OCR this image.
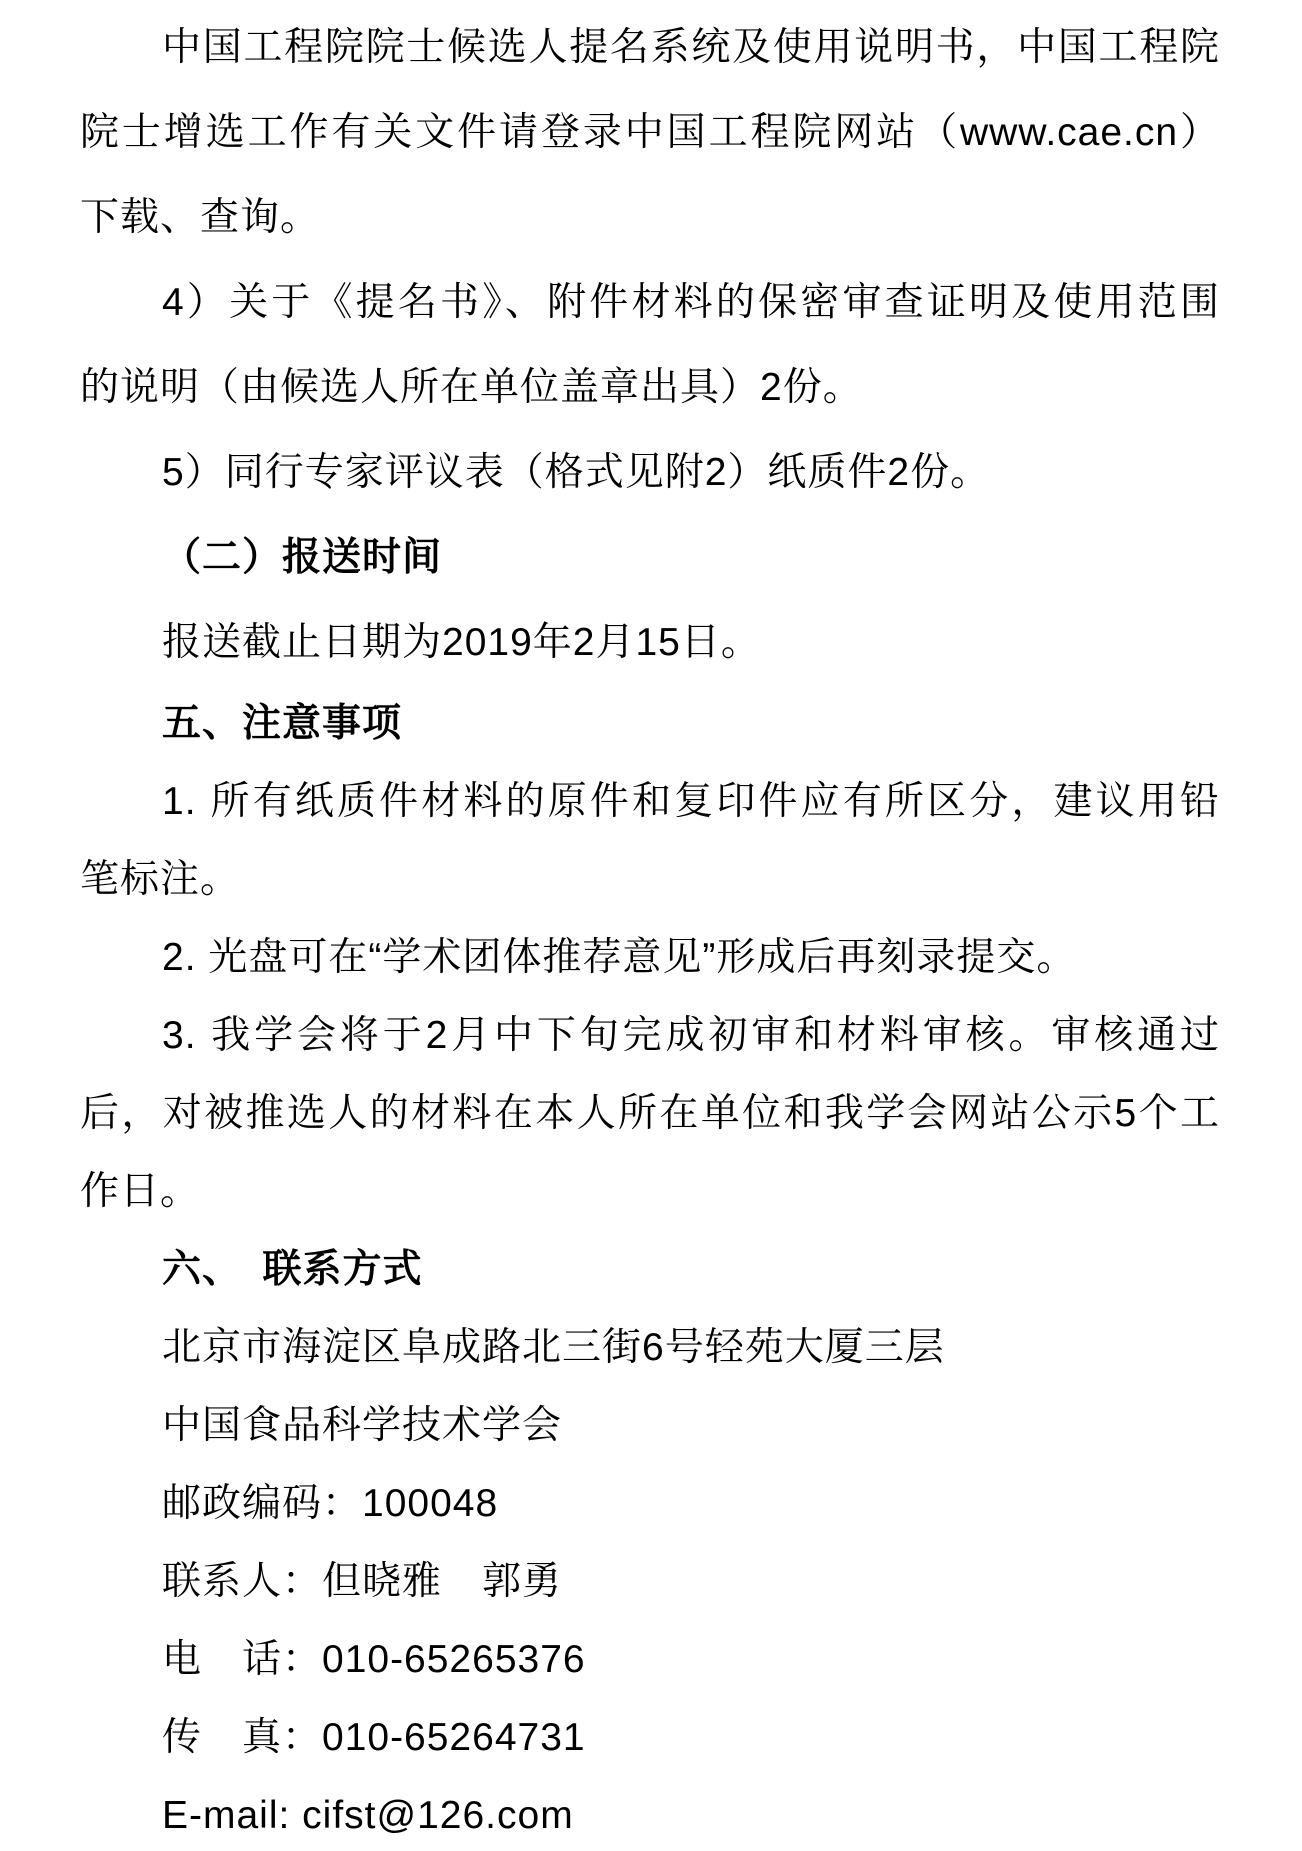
中国工程院院士候选人提名系统及使用说明书，中国工程院
院士增选工作有关文件请登录中国工程院网站（www.cae.cn）
下载、查询。
4）关于《提名书》、附件材料的保密审查证明及使用范围
的说明（由候选人所在单位盖章出具）2份。
5）同行专家评议表（格式见附2）纸质件2份。
（二）报送时间
报送截止日期为2019年2月15日。
五、注意事项
1. 所有纸质件材料的原件和复印件应有所区分，建议用铅
笔标注。
2. 光盘可在“学术团体推荐意见”形成后再刻录提交。
3. 我学会将于2月中下旬完成初审和材料审核。审核通过
后，对被推选人的材料在本人所在单位和我学会网站公示5个工
作日。
六、　联系方式
北京市海淀区阜成路北三街6号轻苑大厦三层
中国食品科学技术学会
邮政编码：100048
联系人：但晓雅　郭勇
电　话：010-65265376
传　真：010-65264731
E-mail: cifst@126.com
